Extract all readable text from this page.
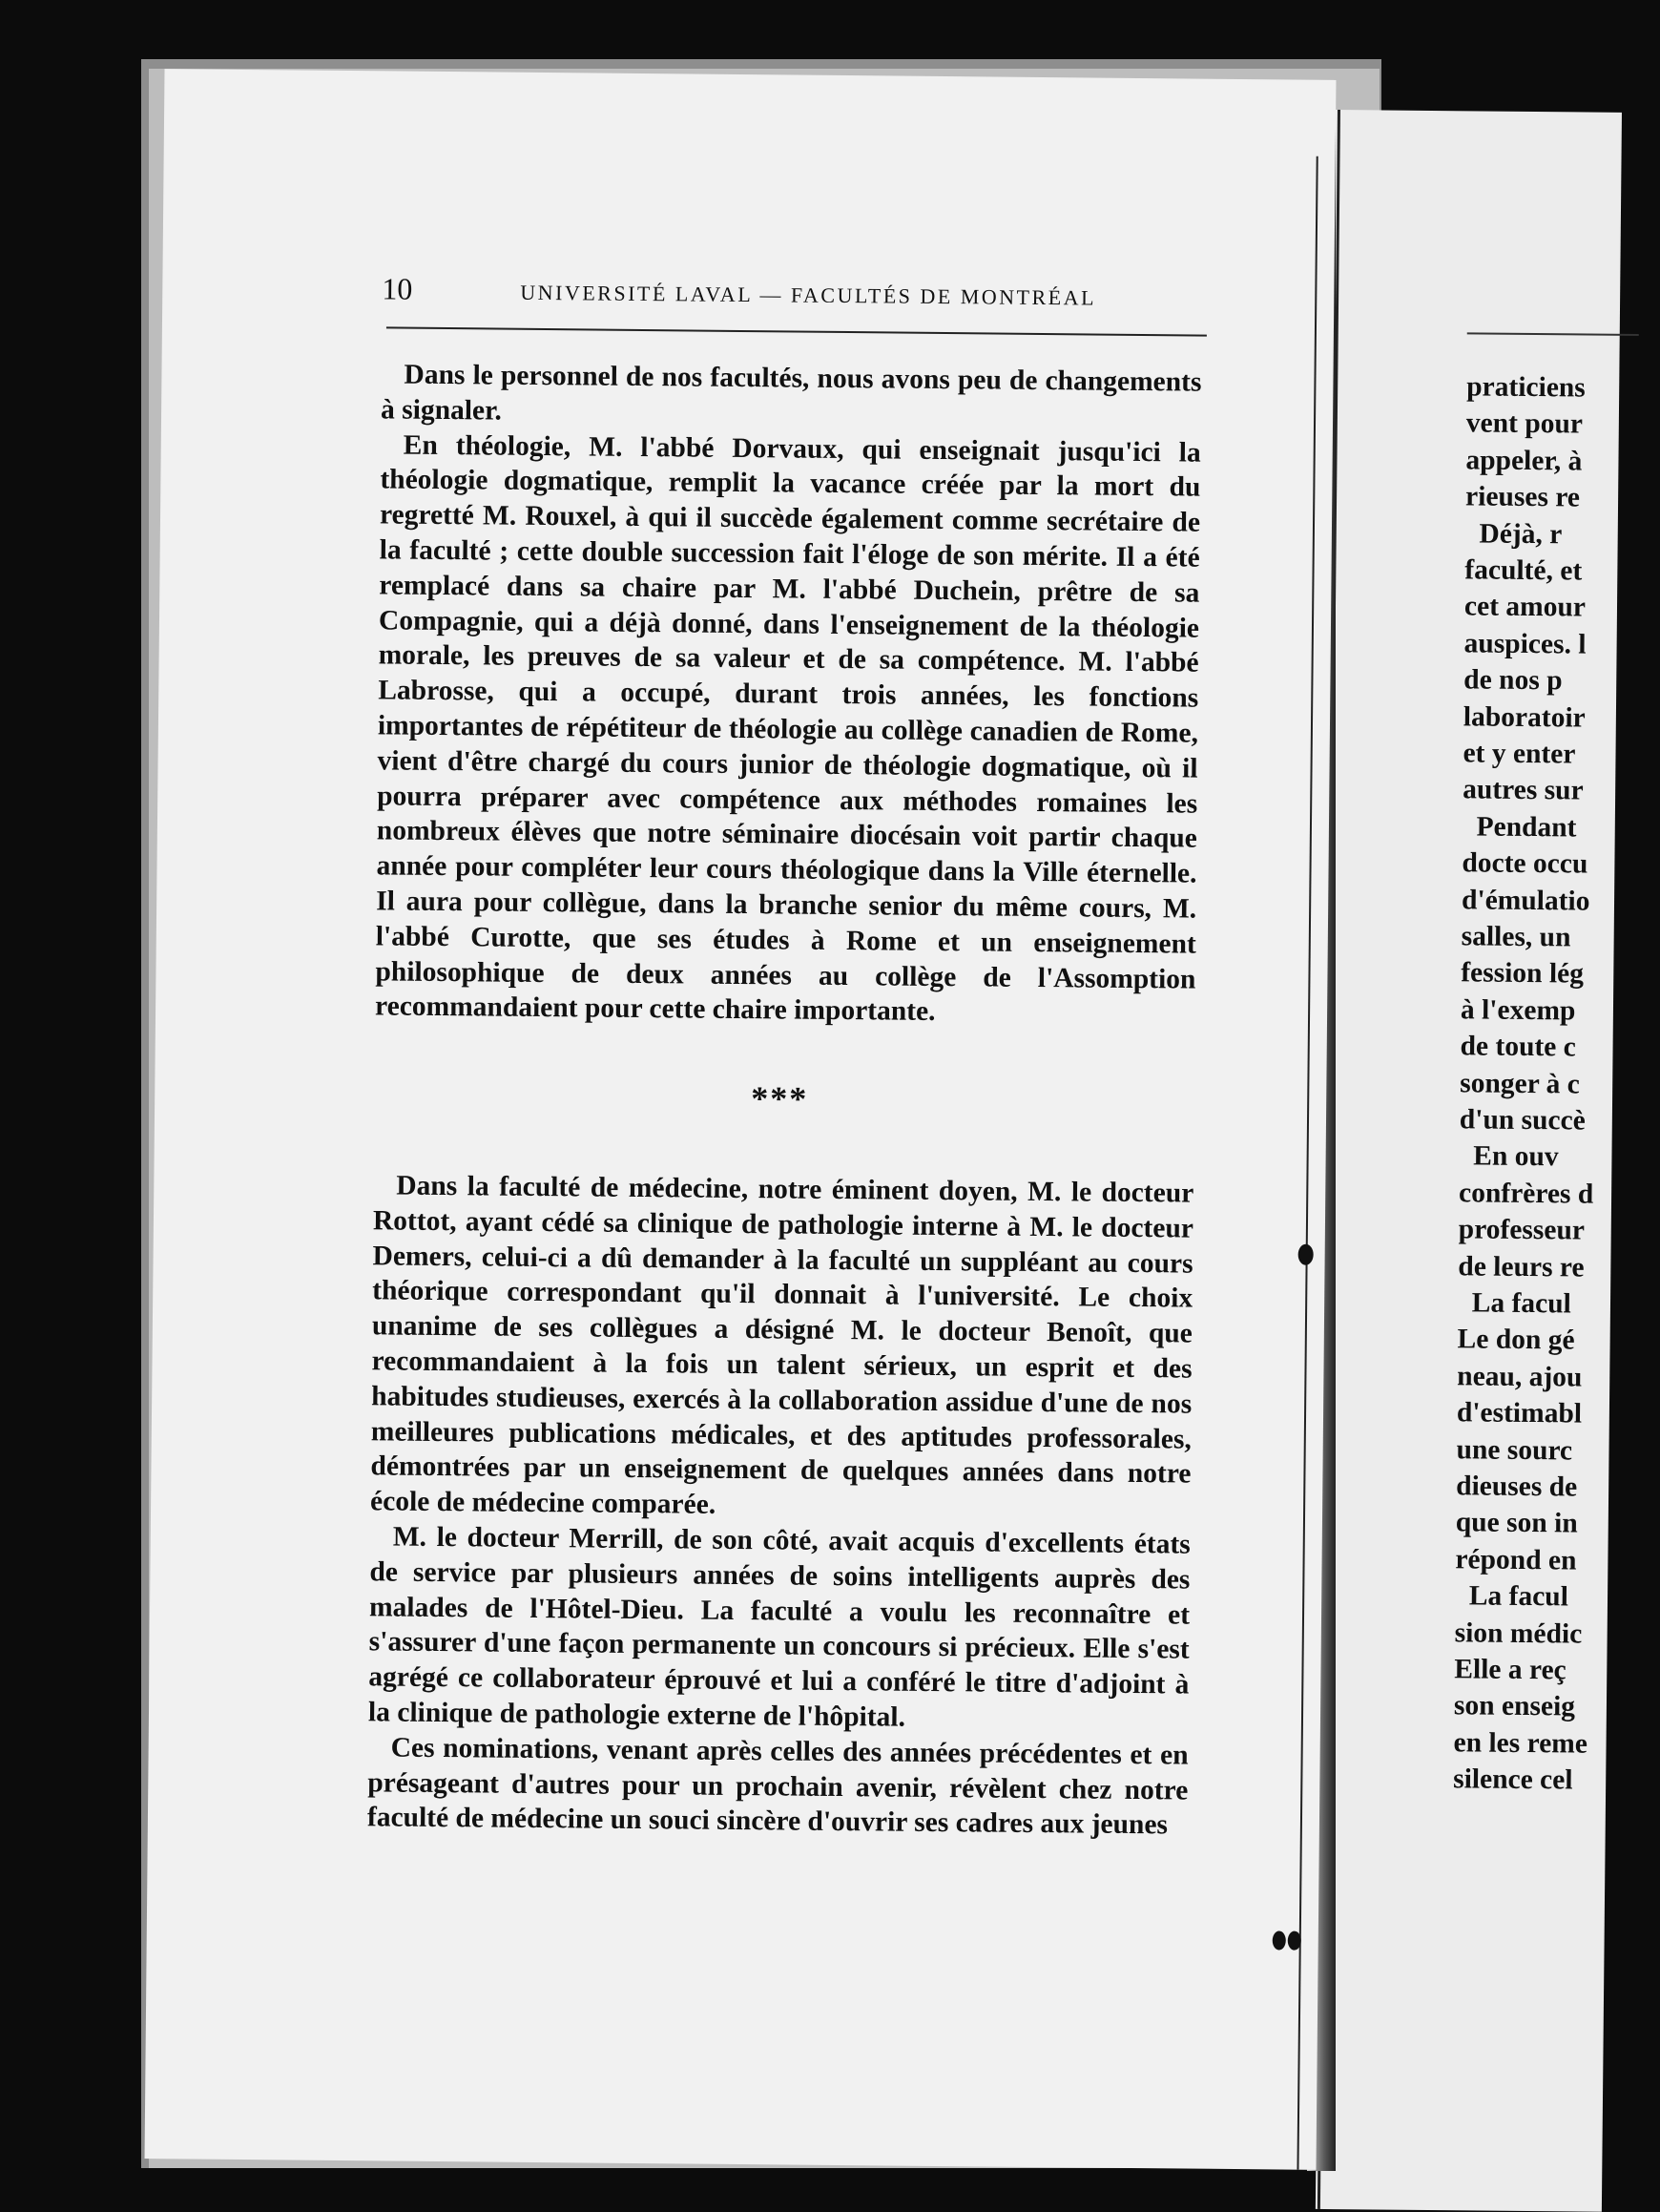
praticiens
vent pour
appeler, à
rieuses re
Déjà, r
faculté, et
cet amour
auspices. l
de nos p
laboratoir
et y enter
autres sur
Pendant
docte occu
d'émulatio
salles, un
fession lég
à l'exemp
de toute c
songer à c
d'un succè
En ouv
confrères d
professeur
de leurs re
La facul
Le don gé
neau, ajou
d'estimabl
une sourc
dieuses de
que son in
répond en
La facul
sion médic
Elle a reç
son enseig
en les reme
silence cel
10	UNIVERSITÉ LAVAL — FACULTÉS DE MONTRÉAL

Dans le personnel de nos facultés, nous avons peu de changements à signaler.

En théologie, M. l'abbé Dorvaux, qui enseignait jusqu'ici la théologie dogmatique, remplit la vacance créée par la mort du regretté M. Rouxel, à qui il succède également comme secrétaire de la faculté ; cette double succession fait l'éloge de son mérite. Il a été remplacé dans sa chaire par M. l'abbé Duchein, prêtre de sa Compagnie, qui a déjà donné, dans l'enseignement de la théologie morale, les preuves de sa valeur et de sa compétence. M. l'abbé Labrosse, qui a occupé, durant trois années, les fonctions importantes de répétiteur de théologie au collège canadien de Rome, vient d'être chargé du cours junior de théologie dogmatique, où il pourra préparer avec compétence aux méthodes romaines les nombreux élèves que notre séminaire diocésain voit partir chaque année pour compléter leur cours théologique dans la Ville éternelle. Il aura pour collègue, dans la branche senior du même cours, M. l'abbé Curotte, que ses études à Rome et un enseignement philosophique de deux années au collège de l'Assomption recommandaient pour cette chaire importante.

***

Dans la faculté de médecine, notre éminent doyen, M. le docteur Rottot, ayant cédé sa clinique de pathologie interne à M. le docteur Demers, celui-ci a dû demander à la faculté un suppléant au cours théorique correspondant qu'il donnait à l'université. Le choix unanime de ses collègues a désigné M. le docteur Benoît, que recommandaient à la fois un talent sérieux, un esprit et des habitudes studieuses, exercés à la collaboration assidue d'une de nos meilleures publications médicales, et des aptitudes professorales, démontrées par un enseignement de quelques années dans notre école de médecine comparée.

M. le docteur Merrill, de son côté, avait acquis d'excellents états de service par plusieurs années de soins intelligents auprès des malades de l'Hôtel-Dieu. La faculté a voulu les reconnaître et s'assurer d'une façon permanente un concours si précieux. Elle s'est agrégé ce collaborateur éprouvé et lui a conféré le titre d'adjoint à la clinique de pathologie externe de l'hôpital.

Ces nominations, venant après celles des années précédentes et en présageant d'autres pour un prochain avenir, révèlent chez notre faculté de médecine un souci sincère d'ouvrir ses cadres aux jeunes
